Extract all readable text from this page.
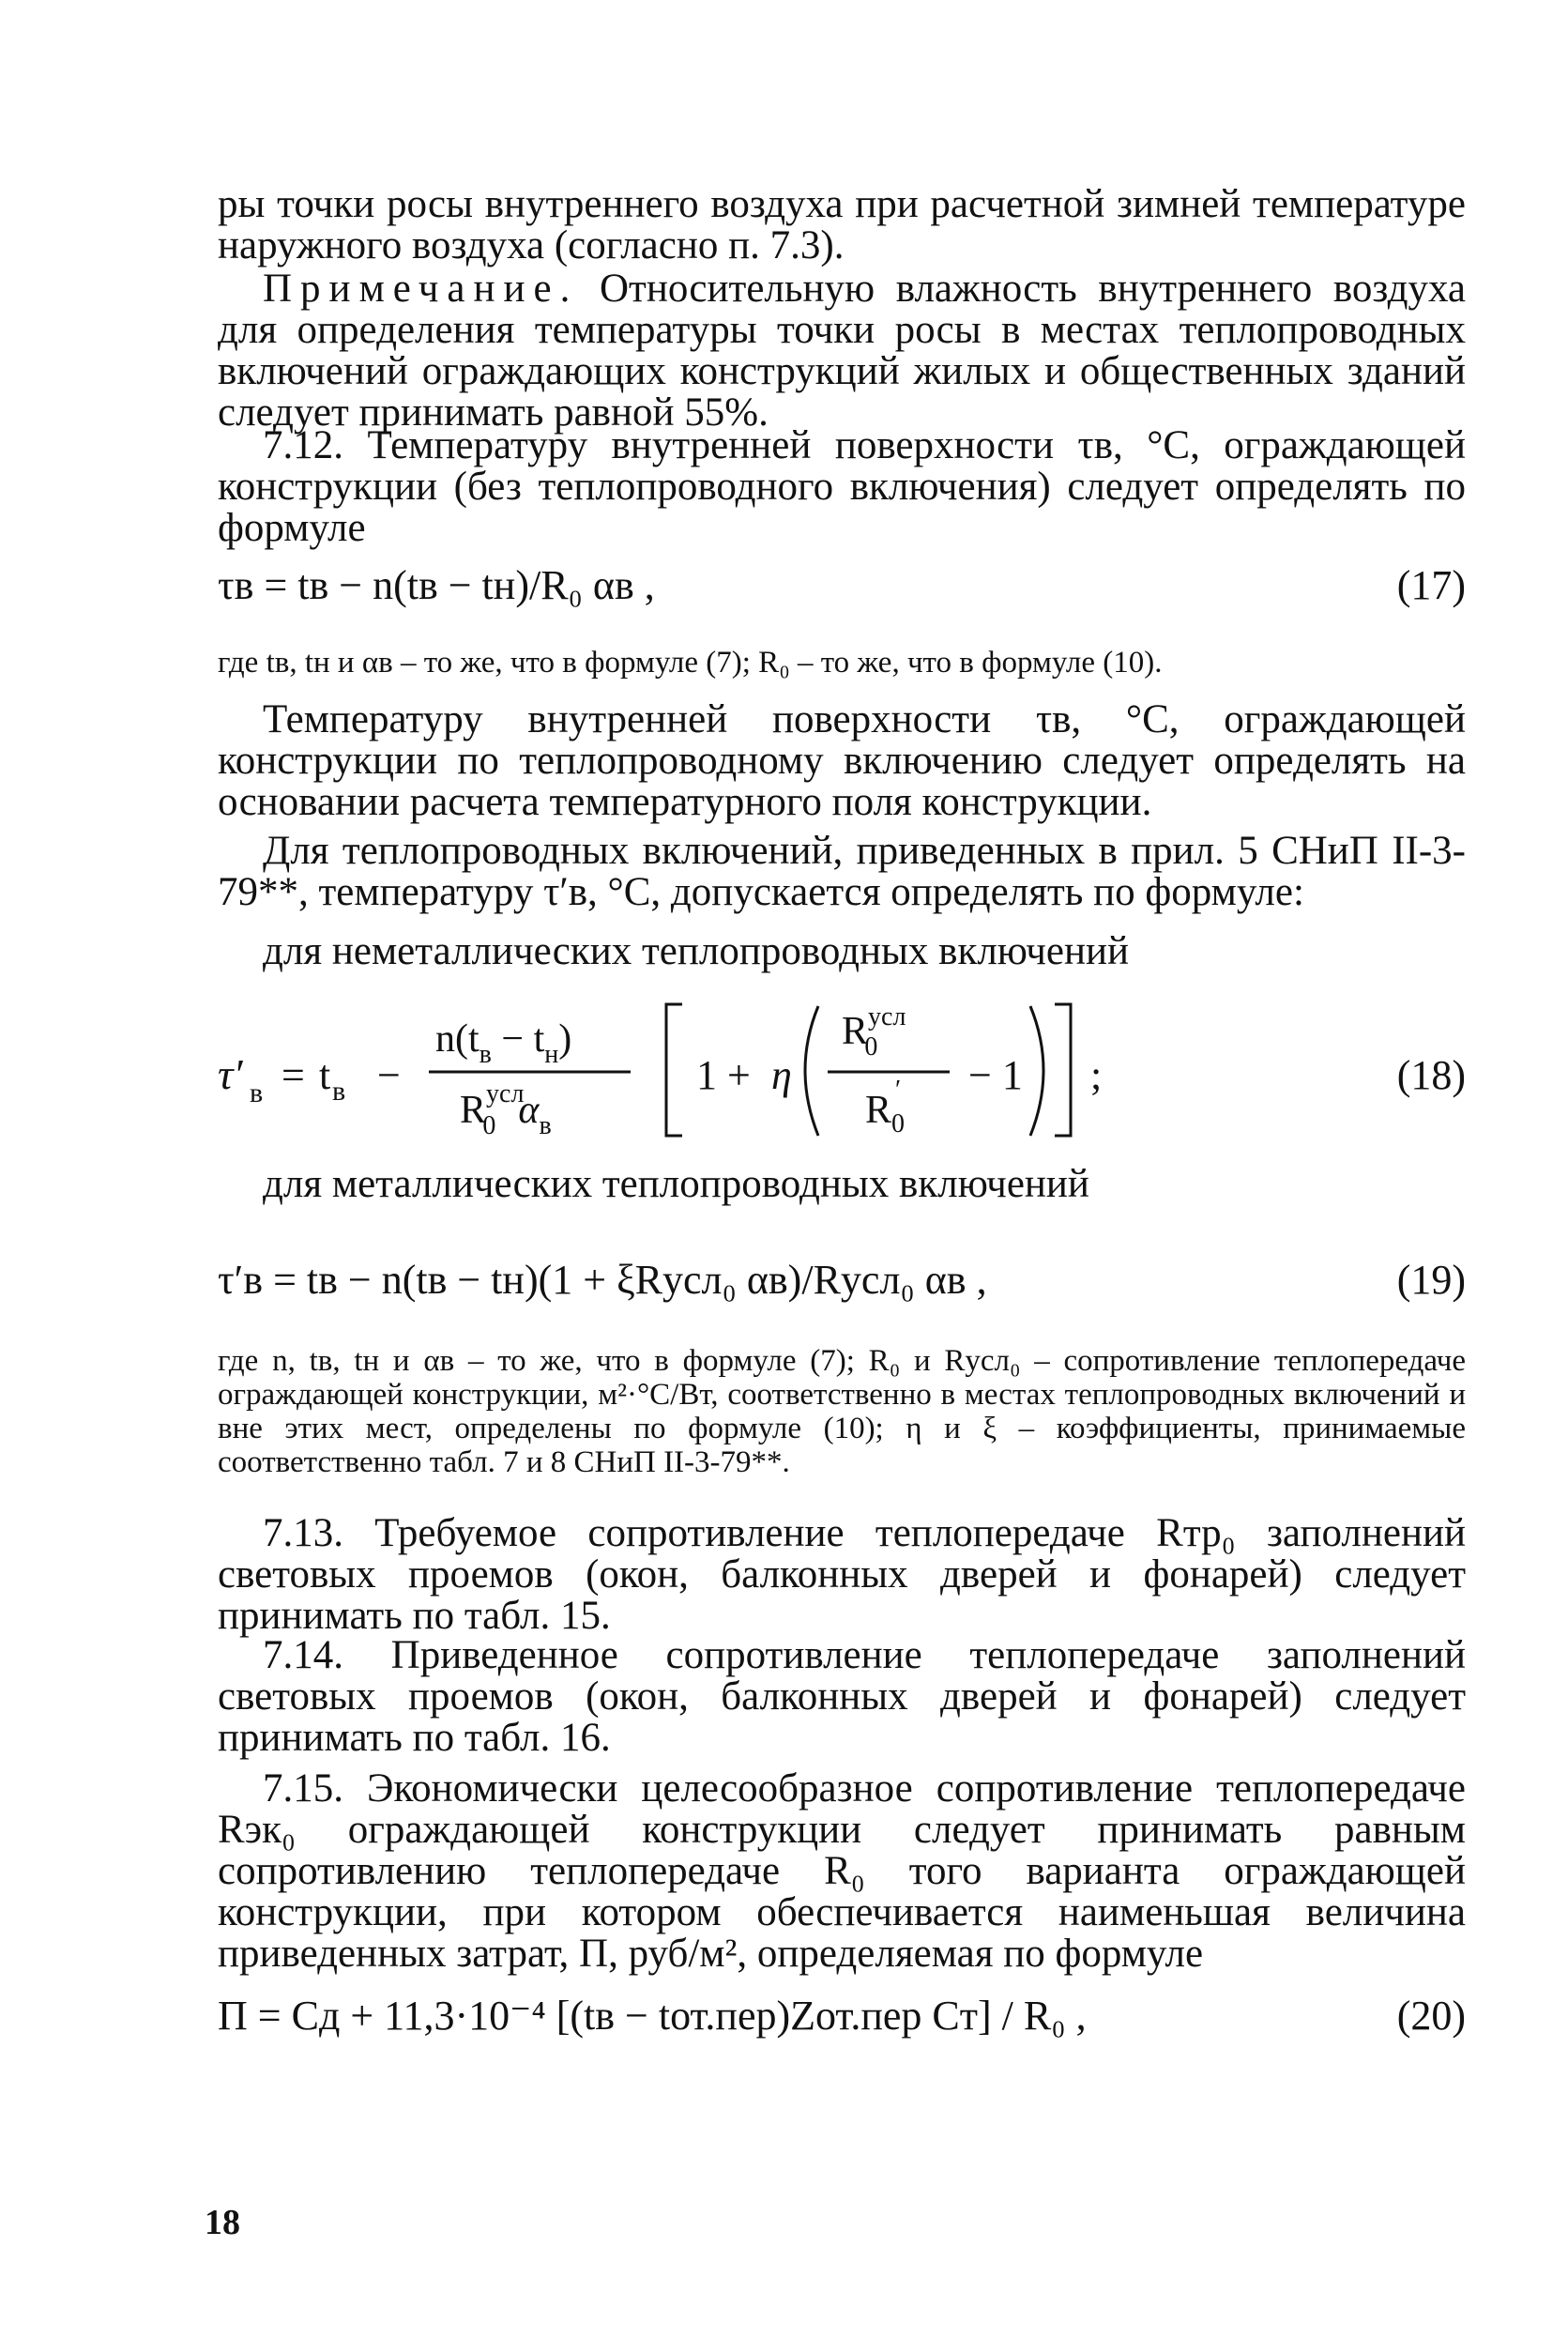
ры точки росы внутреннего воздуха при расчетной зимней температуре наружного воздуха (согласно п. 7.3).
Примечание. Относительную влажность внутреннего воздуха для определения температуры точки росы в местах теплопроводных включений ограждающих конструкций жилых и общественных зданий следует принимать равной 55%.
7.12. Температуру внутренней поверхности τв, °С, ограждающей конструкции (без теплопроводного включения) следует определять по формуле
τв = tв − n(tв − tн)/R₀ αв ,	(17)
где tв, tн и αв – то же, что в формуле (7); R₀ – то же, что в формуле (10).
Температуру внутренней поверхности τв, °С, ограждающей конструкции по теплопроводному включению следует определять на основании расчета температурного поля конструкции.
Для теплопроводных включений, приведенных в прил. 5 СНиП II-3-79**, температуру τ′в, °С, допускается определять по формуле:
для неметаллических теплопроводных включений
τ′ в = t в −
$n(t_в - t_н)$
$R^{усл}$ 0 $\alpha_в$
1 + η
$R^{усл}$ 0
$R_0' - 1$ ;	(18)
для металлических теплопроводных включений
τ′в = tв − n(tв − tн)(1 + ξRусл₀ αв)/Rусл₀ αв ,	(19)
где n, tв, tн и αв – то же, что в формуле (7); R₀ и Rусл₀ – сопротивление теплопередаче ограждающей конструкции, м²·°С/Вт, соответственно в местах теплопроводных включений и вне этих мест, определены по формуле (10); η и ξ – коэффициенты, принимаемые соответственно табл. 7 и 8 СНиП II-3-79**.
7.13. Требуемое сопротивление теплопередаче Rтр₀ заполнений световых проемов (окон, балконных дверей и фонарей) следует принимать по табл. 15.
7.14. Приведенное сопротивление теплопередаче заполнений световых проемов (окон, балконных дверей и фонарей) следует принимать по табл. 16.
7.15. Экономически целесообразное сопротивление теплопередаче Rэк₀ ограждающей конструкции следует принимать равным сопротивлению теплопередаче R₀ того варианта ограждающей конструкции, при котором обеспечивается наименьшая величина приведенных затрат, П, руб/м², определяемая по формуле
П = Cд + 11,3·10⁻⁴ [(tв − tот.пер)Zот.пер Cт] / R₀ ,	(20)
18
